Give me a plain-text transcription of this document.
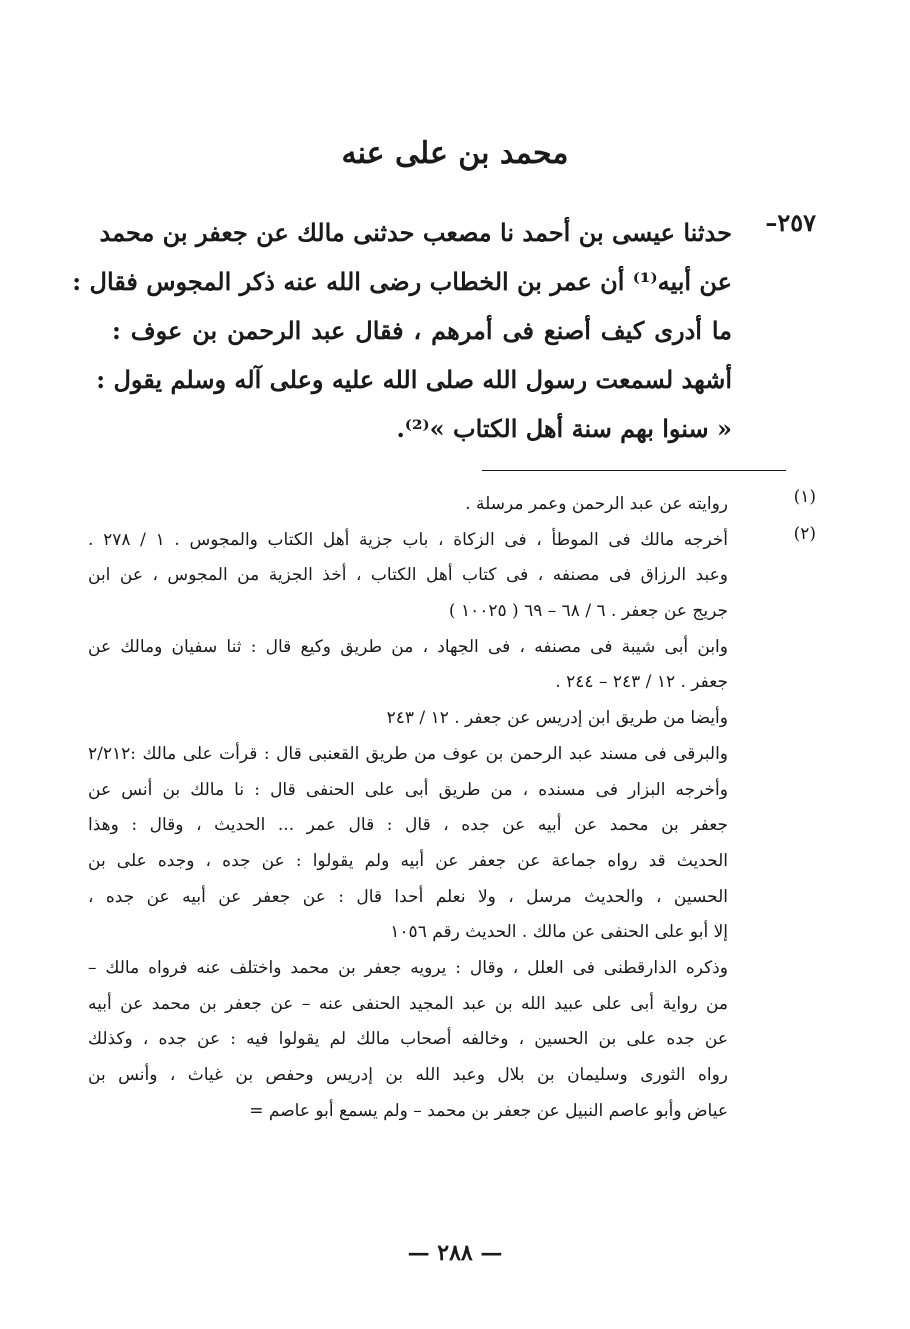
محمد بن على عنه
٢٥٧–
حدثنا عيسى بن أحمد نا مصعب حدثنى مالك عن جعفر بن محمد
عن أبيه⁽¹⁾ أن عمر بن الخطاب رضى الله عنه ذكر المجوس فقال :
ما أدرى كيف أصنع فى أمرهم ، فقال عبد الرحمن بن عوف :
أشهد لسمعت رسول الله صلى الله عليه وعلى آله وسلم يقول :
« سنوا بهم سنة أهل الكتاب »⁽²⁾.
(١)
(٢)
روايته عن عبد الرحمن وعمر مرسلة .
أخرجه مالك فى الموطأ ، فى الزكاة ، باب جزية أهل الكتاب والمجوس . ١ / ٢٧٨ .
وعبد الرزاق فى مصنفه ، فى كتاب أهل الكتاب ، أخذ الجزية من المجوس ، عن ابن
جريج عن جعفر . ٦ / ٦٨ – ٦٩ ( ١٠٠٢٥ )
وابن أبى شيبة فى مصنفه ، فى الجهاد ، من طريق وكيع قال : ثنا سفيان ومالك عن
جعفر . ١٢ / ٢٤٣ – ٢٤٤ .
وأيضا من طريق ابن إدريس عن جعفر . ١٢ / ٢٤٣
والبرقى فى مسند عبد الرحمن بن عوف من طريق القعنبى قال : قرأت على مالك :٢/٢١٢
وأخرجه البزار فى مسنده ، من طريق أبى على الحنفى قال : نا مالك بن أنس عن
جعفر بن محمد عن أبيه عن جده ، قال : قال عمر ... الحديث ، وقال : وهذا
الحديث قد رواه جماعة عن جعفر عن أبيه ولم يقولوا : عن جده ، وجده على بن
الحسين ، والحديث مرسل ، ولا نعلم أحدا قال : عن جعفر عن أبيه عن جده ،
إلا أبو على الحنفى عن مالك . الحديث رقم ١٠٥٦
وذكره الدارقطنى فى العلل ، وقال : يرويه جعفر بن محمد واختلف عنه فرواه مالك –
من رواية أبى على عبيد الله بن عبد المجيد الحنفى عنه – عن جعفر بن محمد عن أبيه
عن جده على بن الحسين ، وخالفه أصحاب مالك لم يقولوا فيه : عن جده ، وكذلك
رواه الثورى وسليمان بن بلال وعبد الله بن إدريس وحفص بن غياث ، وأنس بن
عياض وأبو عاصم النبيل عن جعفر بن محمد – ولم يسمع أبو عاصم =
— ٢٨٨ —
